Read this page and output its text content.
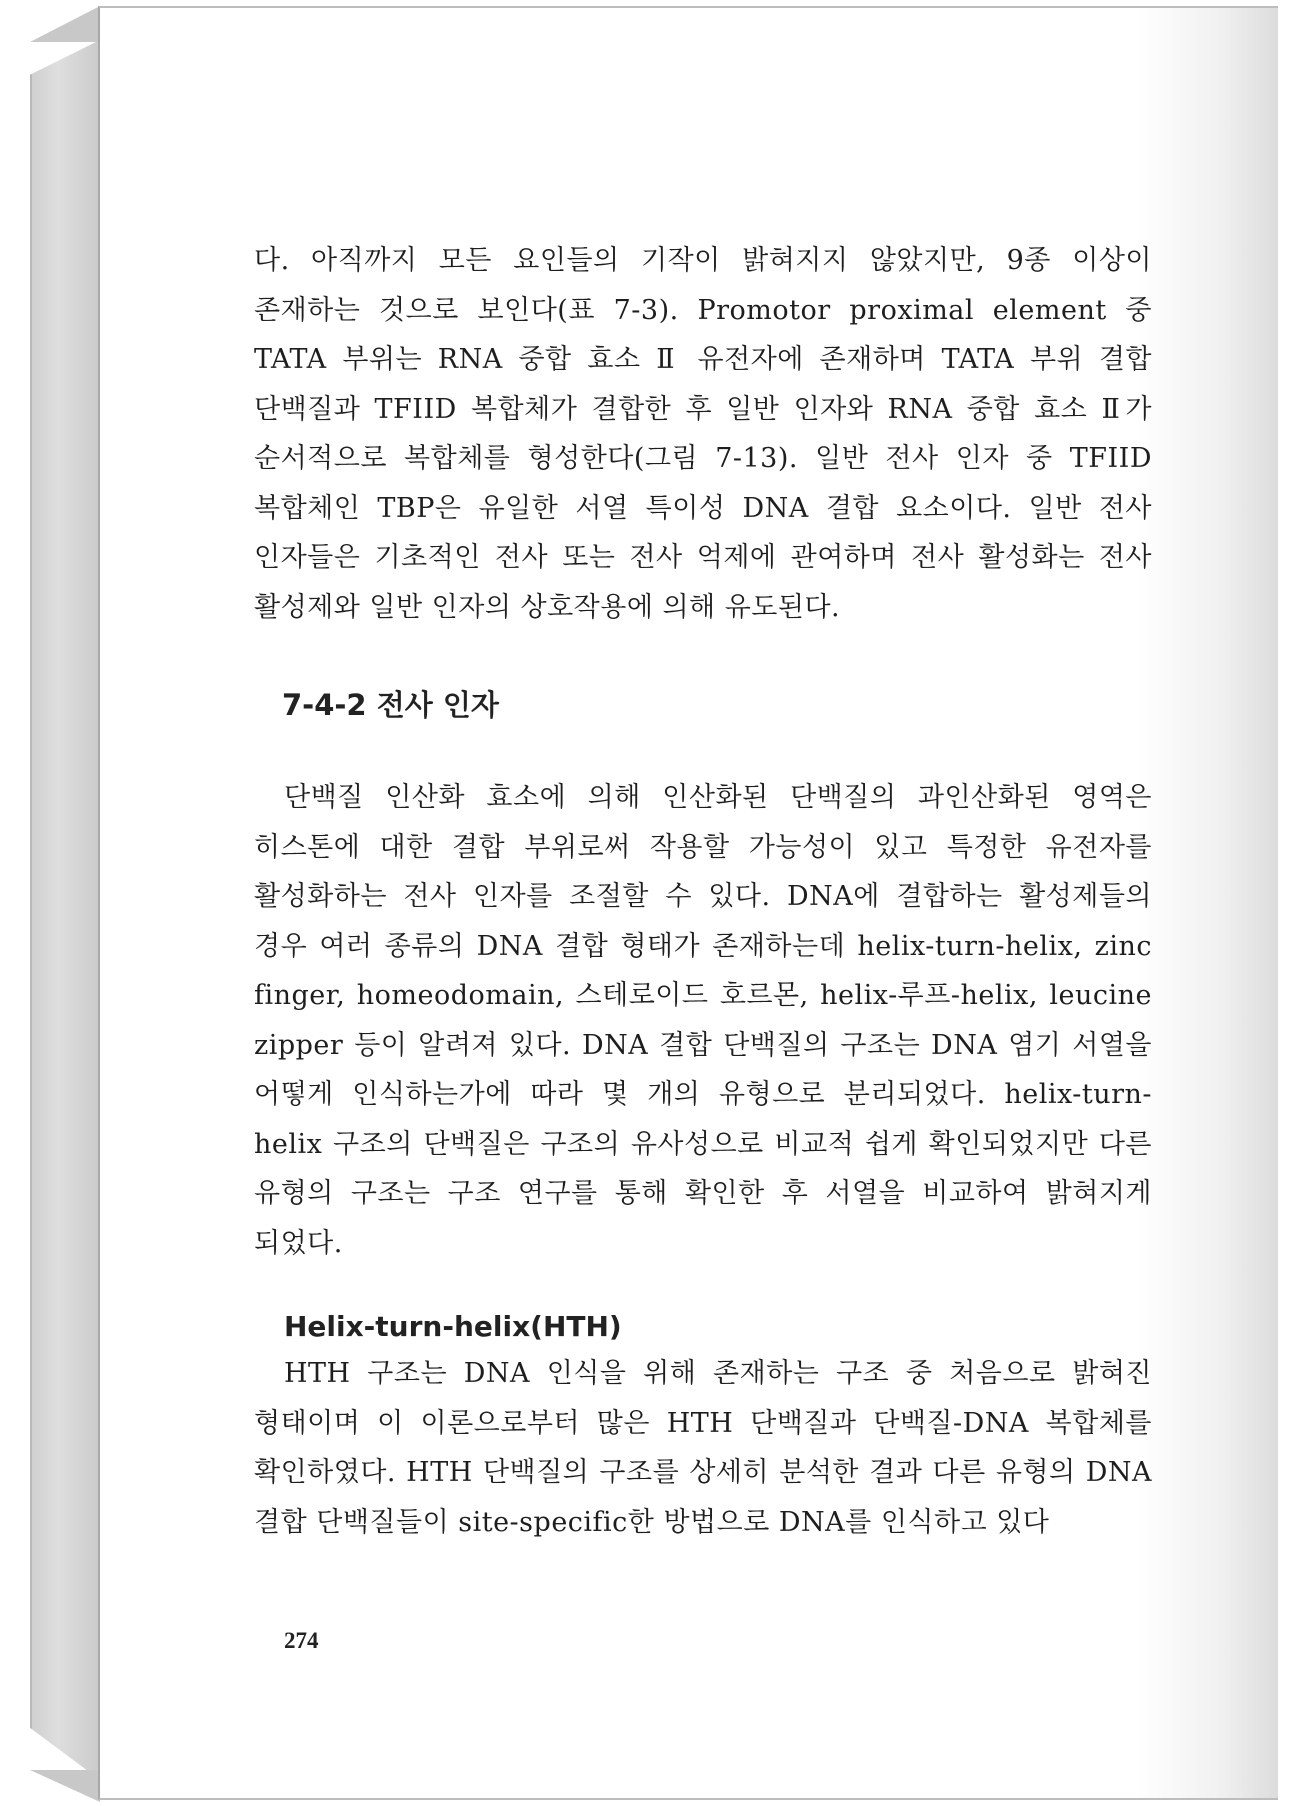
다. 아직까지 모든 요인들의 기작이 밝혀지지 않았지만, 9종 이상이 존재하는 것으로 보인다(표 7-3). Promotor proximal element 중 TATA 부위는 RNA 중합 효소 Ⅱ 유전자에 존재하며 TATA 부위 결합 단백질과 TFIID 복합체가 결합한 후 일반 인자와 RNA 중합 효소 Ⅱ가 순서적으로 복합체를 형성한다(그림 7-13). 일반 전사 인자 중 TFIID 복합체인 TBP은 유일한 서열 특이성 DNA 결합 요소이다. 일반 전사 인자들은 기초적인 전사 또는 전사 억제에 관여하며 전사 활성화는 전사 활성제와 일반 인자의 상호작용에 의해 유도된다.

7-4-2 전사 인자

단백질 인산화 효소에 의해 인산화된 단백질의 과인산화된 영역은 히스톤에 대한 결합 부위로써 작용할 가능성이 있고 특정한 유전자를 활성화하는 전사 인자를 조절할 수 있다. DNA에 결합하는 활성제들의 경우 여러 종류의 DNA 결합 형태가 존재하는데 helix-turn-helix, zinc finger, homeodomain, 스테로이드 호르몬, helix-루프-helix, leucine zipper 등이 알려져 있다. DNA 결합 단백질의 구조는 DNA 염기 서열을 어떻게 인식하는가에 따라 몇 개의 유형으로 분리되었다. helix-turn-helix 구조의 단백질은 구조의 유사성으로 비교적 쉽게 확인되었지만 다른 유형의 구조는 구조 연구를 통해 확인한 후 서열을 비교하여 밝혀지게 되었다.

Helix-turn-helix(HTH)

HTH 구조는 DNA 인식을 위해 존재하는 구조 중 처음으로 밝혀진 형태이며 이 이론으로부터 많은 HTH 단백질과 단백질-DNA 복합체를 확인하였다. HTH 단백질의 구조를 상세히 분석한 결과 다른 유형의 DNA 결합 단백질들이 site-specific한 방법으로 DNA를 인식하고 있다

274
